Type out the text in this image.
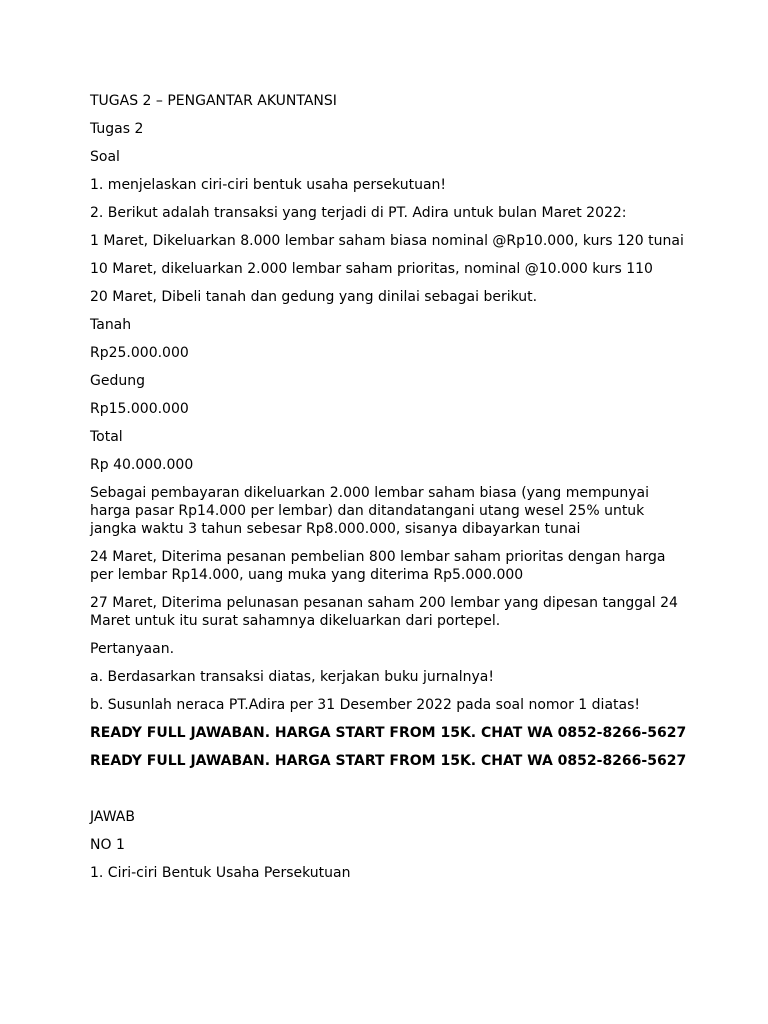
TUGAS 2 – PENGANTAR AKUNTANSI

Tugas 2

Soal

1. menjelaskan ciri-ciri bentuk usaha persekutuan!

2. Berikut adalah transaksi yang terjadi di PT. Adira untuk bulan Maret 2022:

1 Maret, Dikeluarkan 8.000 lembar saham biasa nominal @Rp10.000, kurs 120 tunai

10 Maret, dikeluarkan 2.000 lembar saham prioritas, nominal @10.000 kurs 110

20 Maret, Dibeli tanah dan gedung yang dinilai sebagai berikut.

Tanah

Rp25.000.000

Gedung

Rp15.000.000

Total

Rp 40.000.000

Sebagai pembayaran dikeluarkan 2.000 lembar saham biasa (yang mempunyai harga pasar Rp14.000 per lembar) dan ditandatangani utang wesel 25% untuk jangka waktu 3 tahun sebesar Rp8.000.000, sisanya dibayarkan tunai

24 Maret, Diterima pesanan pembelian 800 lembar saham prioritas dengan harga per lembar Rp14.000, uang muka yang diterima Rp5.000.000

27 Maret, Diterima pelunasan pesanan saham 200 lembar yang dipesan tanggal 24 Maret untuk itu surat sahamnya dikeluarkan dari portepel.

Pertanyaan.

a. Berdasarkan transaksi diatas, kerjakan buku jurnalnya!

b. Susunlah neraca PT.Adira per 31 Desember 2022 pada soal nomor 1 diatas!

READY FULL JAWABAN. HARGA START FROM 15K. CHAT WA 0852-8266-5627

READY FULL JAWABAN. HARGA START FROM 15K. CHAT WA 0852-8266-5627

JAWAB

NO 1

1. Ciri-ciri Bentuk Usaha Persekutuan
